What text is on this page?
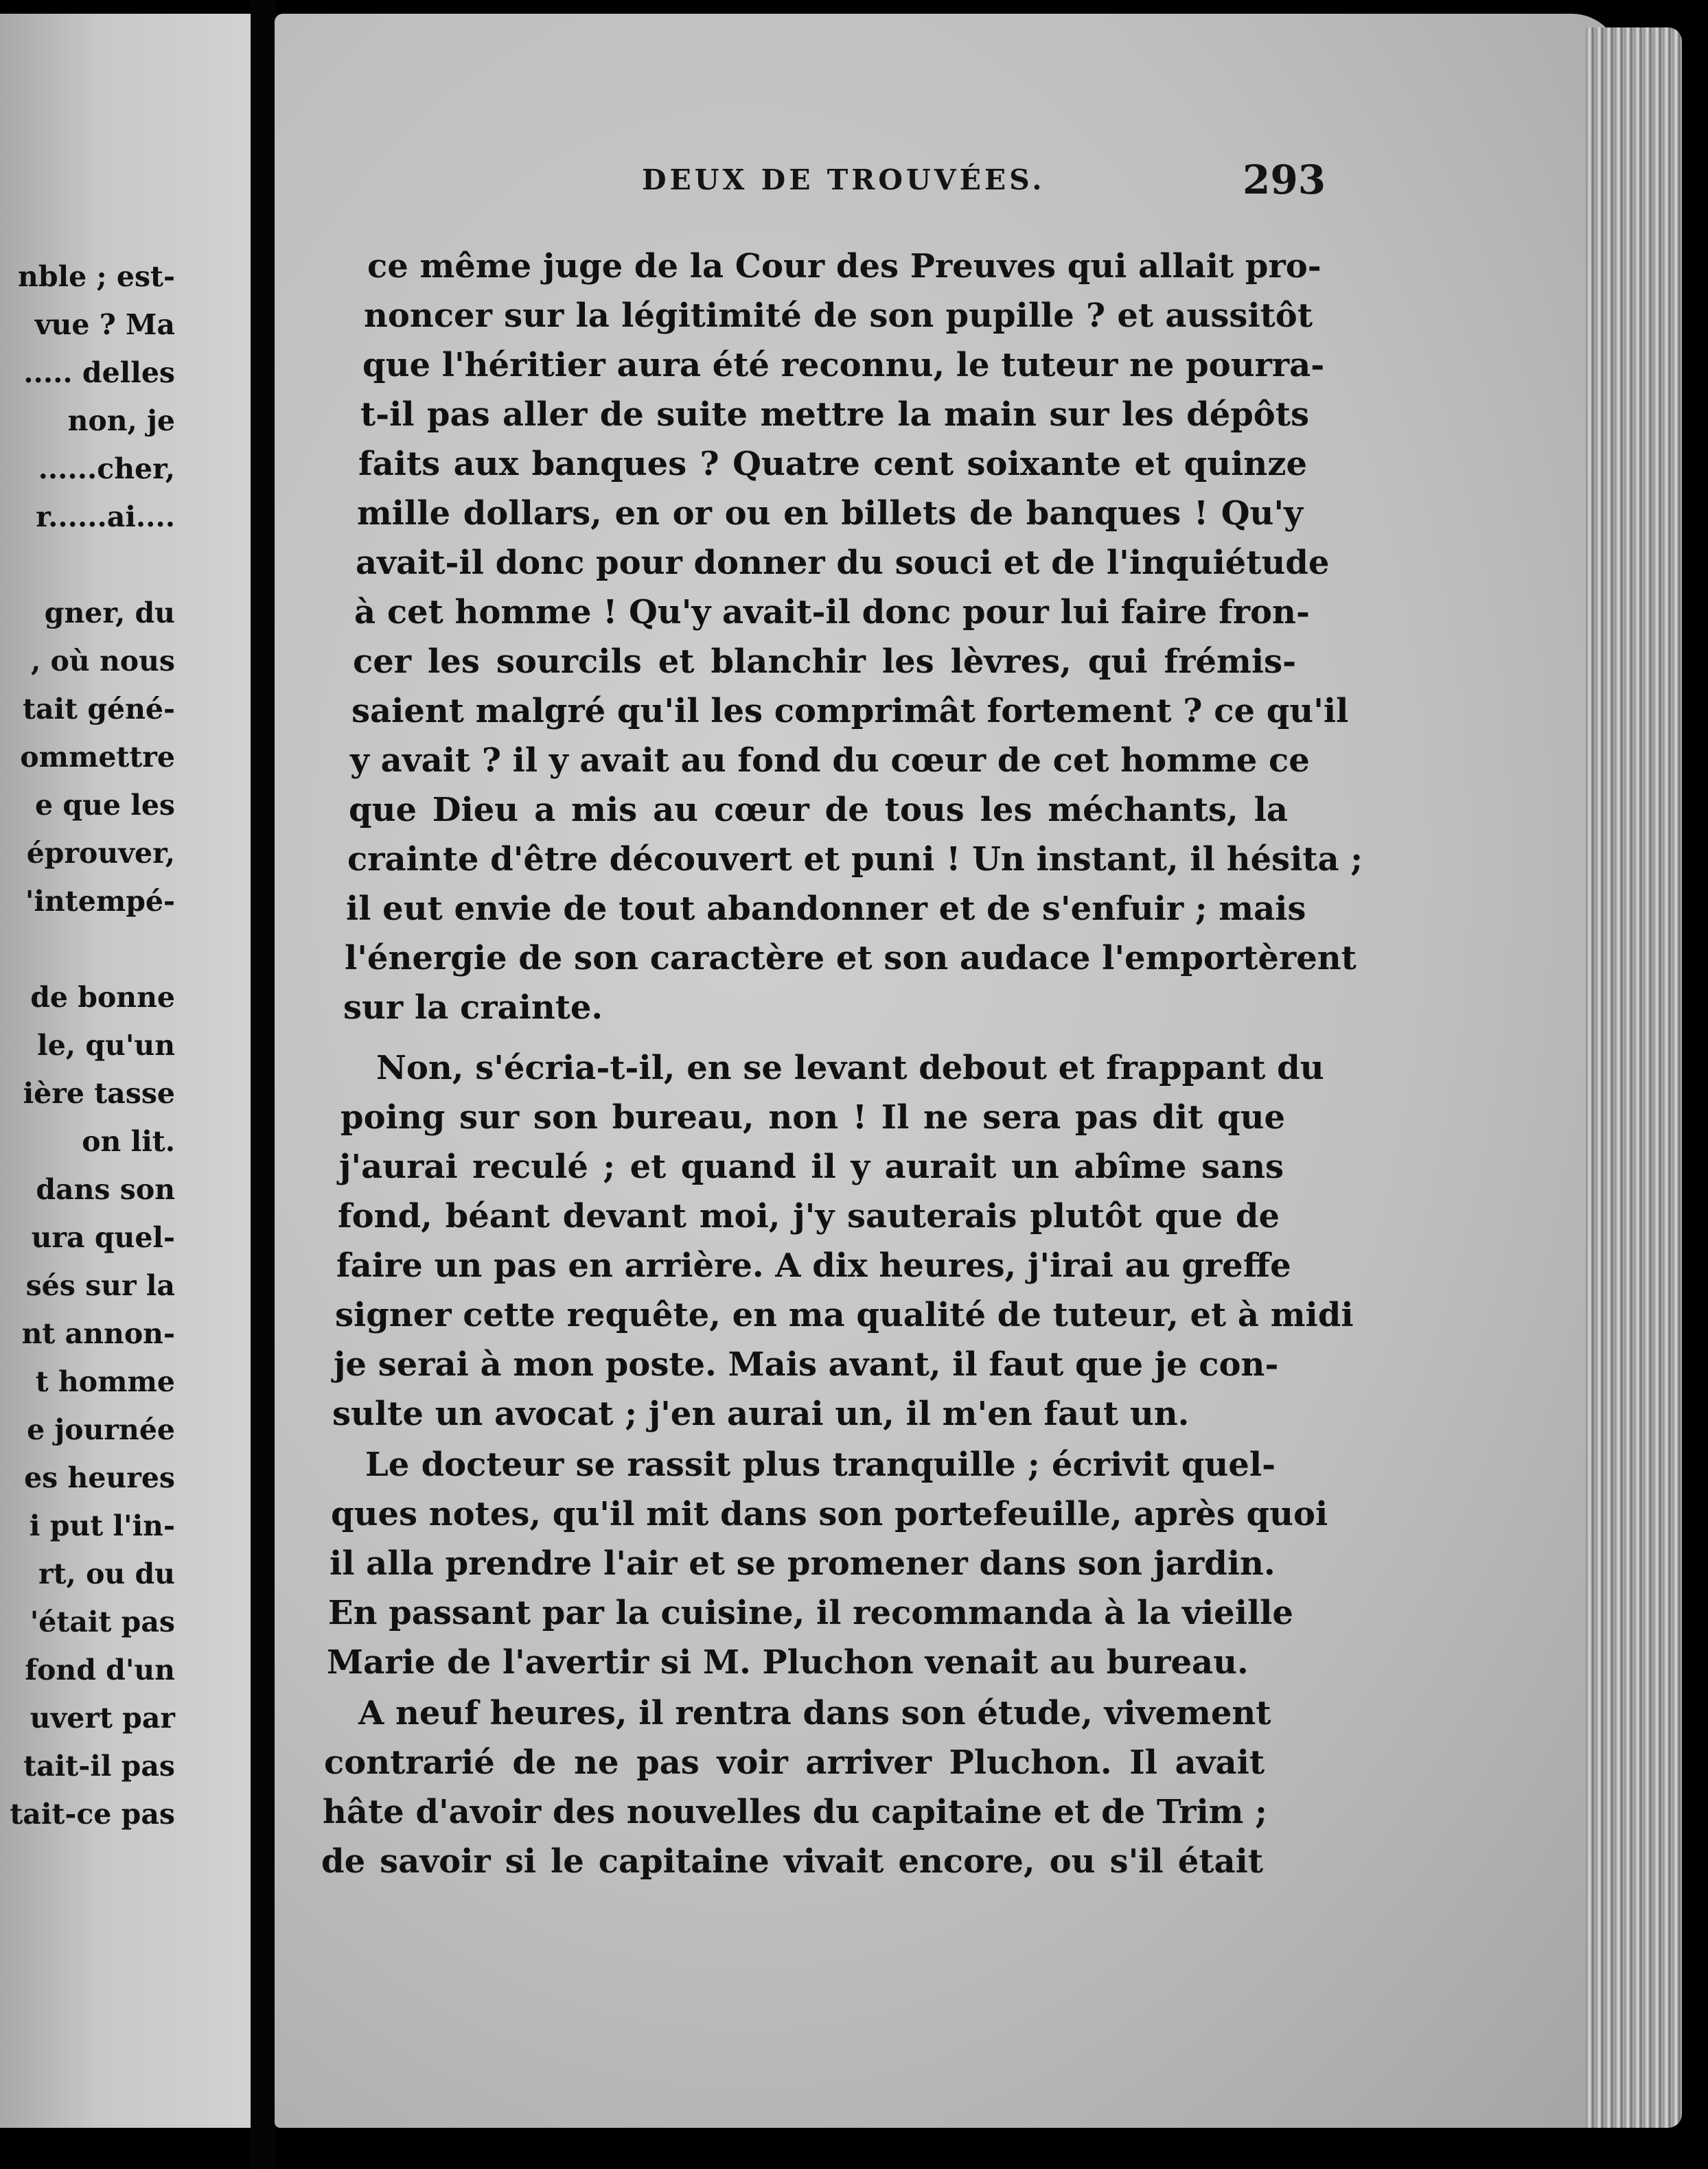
nble ; est-
vue ? Ma
..... delles
non, je
......cher,
r......ai....
gner, du
, où nous
tait géné-
ommettre
e que les
éprouver,
'intempé-
de bonne
le, qu'un
ière tasse
on lit.
dans son
ura quel-
sés sur la
nt annon-
t homme
e journée
es heures
i put l'in-
rt, ou du
'était pas
fond d'un
uvert par
tait-il pas
tait-ce pas
DEUX DE TROUVÉES.	293
ce même juge de la Cour des Preuves qui allait pro-
noncer sur la légitimité de son pupille ? et aussitôt
que l'héritier aura été reconnu, le tuteur ne pourra-
t-il pas aller de suite mettre la main sur les dépôts
faits aux banques ? Quatre cent soixante et quinze
mille dollars, en or ou en billets de banques ! Qu'y
avait-il donc pour donner du souci et de l'inquiétude
à cet homme ! Qu'y avait-il donc pour lui faire fron-
cer les sourcils et blanchir les lèvres, qui frémis-
saient malgré qu'il les comprimât fortement ? ce qu'il
y avait ? il y avait au fond du cœur de cet homme ce
que Dieu a mis au cœur de tous les méchants, la
crainte d'être découvert et puni ! Un instant, il hésita ;
il eut envie de tout abandonner et de s'enfuir ; mais
l'énergie de son caractère et son audace l'emportèrent
sur la crainte.
Non, s'écria-t-il, en se levant debout et frappant du
poing sur son bureau, non ! Il ne sera pas dit que
j'aurai reculé ; et quand il y aurait un abîme sans
fond, béant devant moi, j'y sauterais plutôt que de
faire un pas en arrière. A dix heures, j'irai au greffe
signer cette requête, en ma qualité de tuteur, et à midi
je serai à mon poste. Mais avant, il faut que je con-
sulte un avocat ; j'en aurai un, il m'en faut un.
Le docteur se rassit plus tranquille ; écrivit quel-
ques notes, qu'il mit dans son portefeuille, après quoi
il alla prendre l'air et se promener dans son jardin.
En passant par la cuisine, il recommanda à la vieille
Marie de l'avertir si M. Pluchon venait au bureau.
A neuf heures, il rentra dans son étude, vivement
contrarié de ne pas voir arriver Pluchon. Il avait
hâte d'avoir des nouvelles du capitaine et de Trim ;
de savoir si le capitaine vivait encore, ou s'il était
